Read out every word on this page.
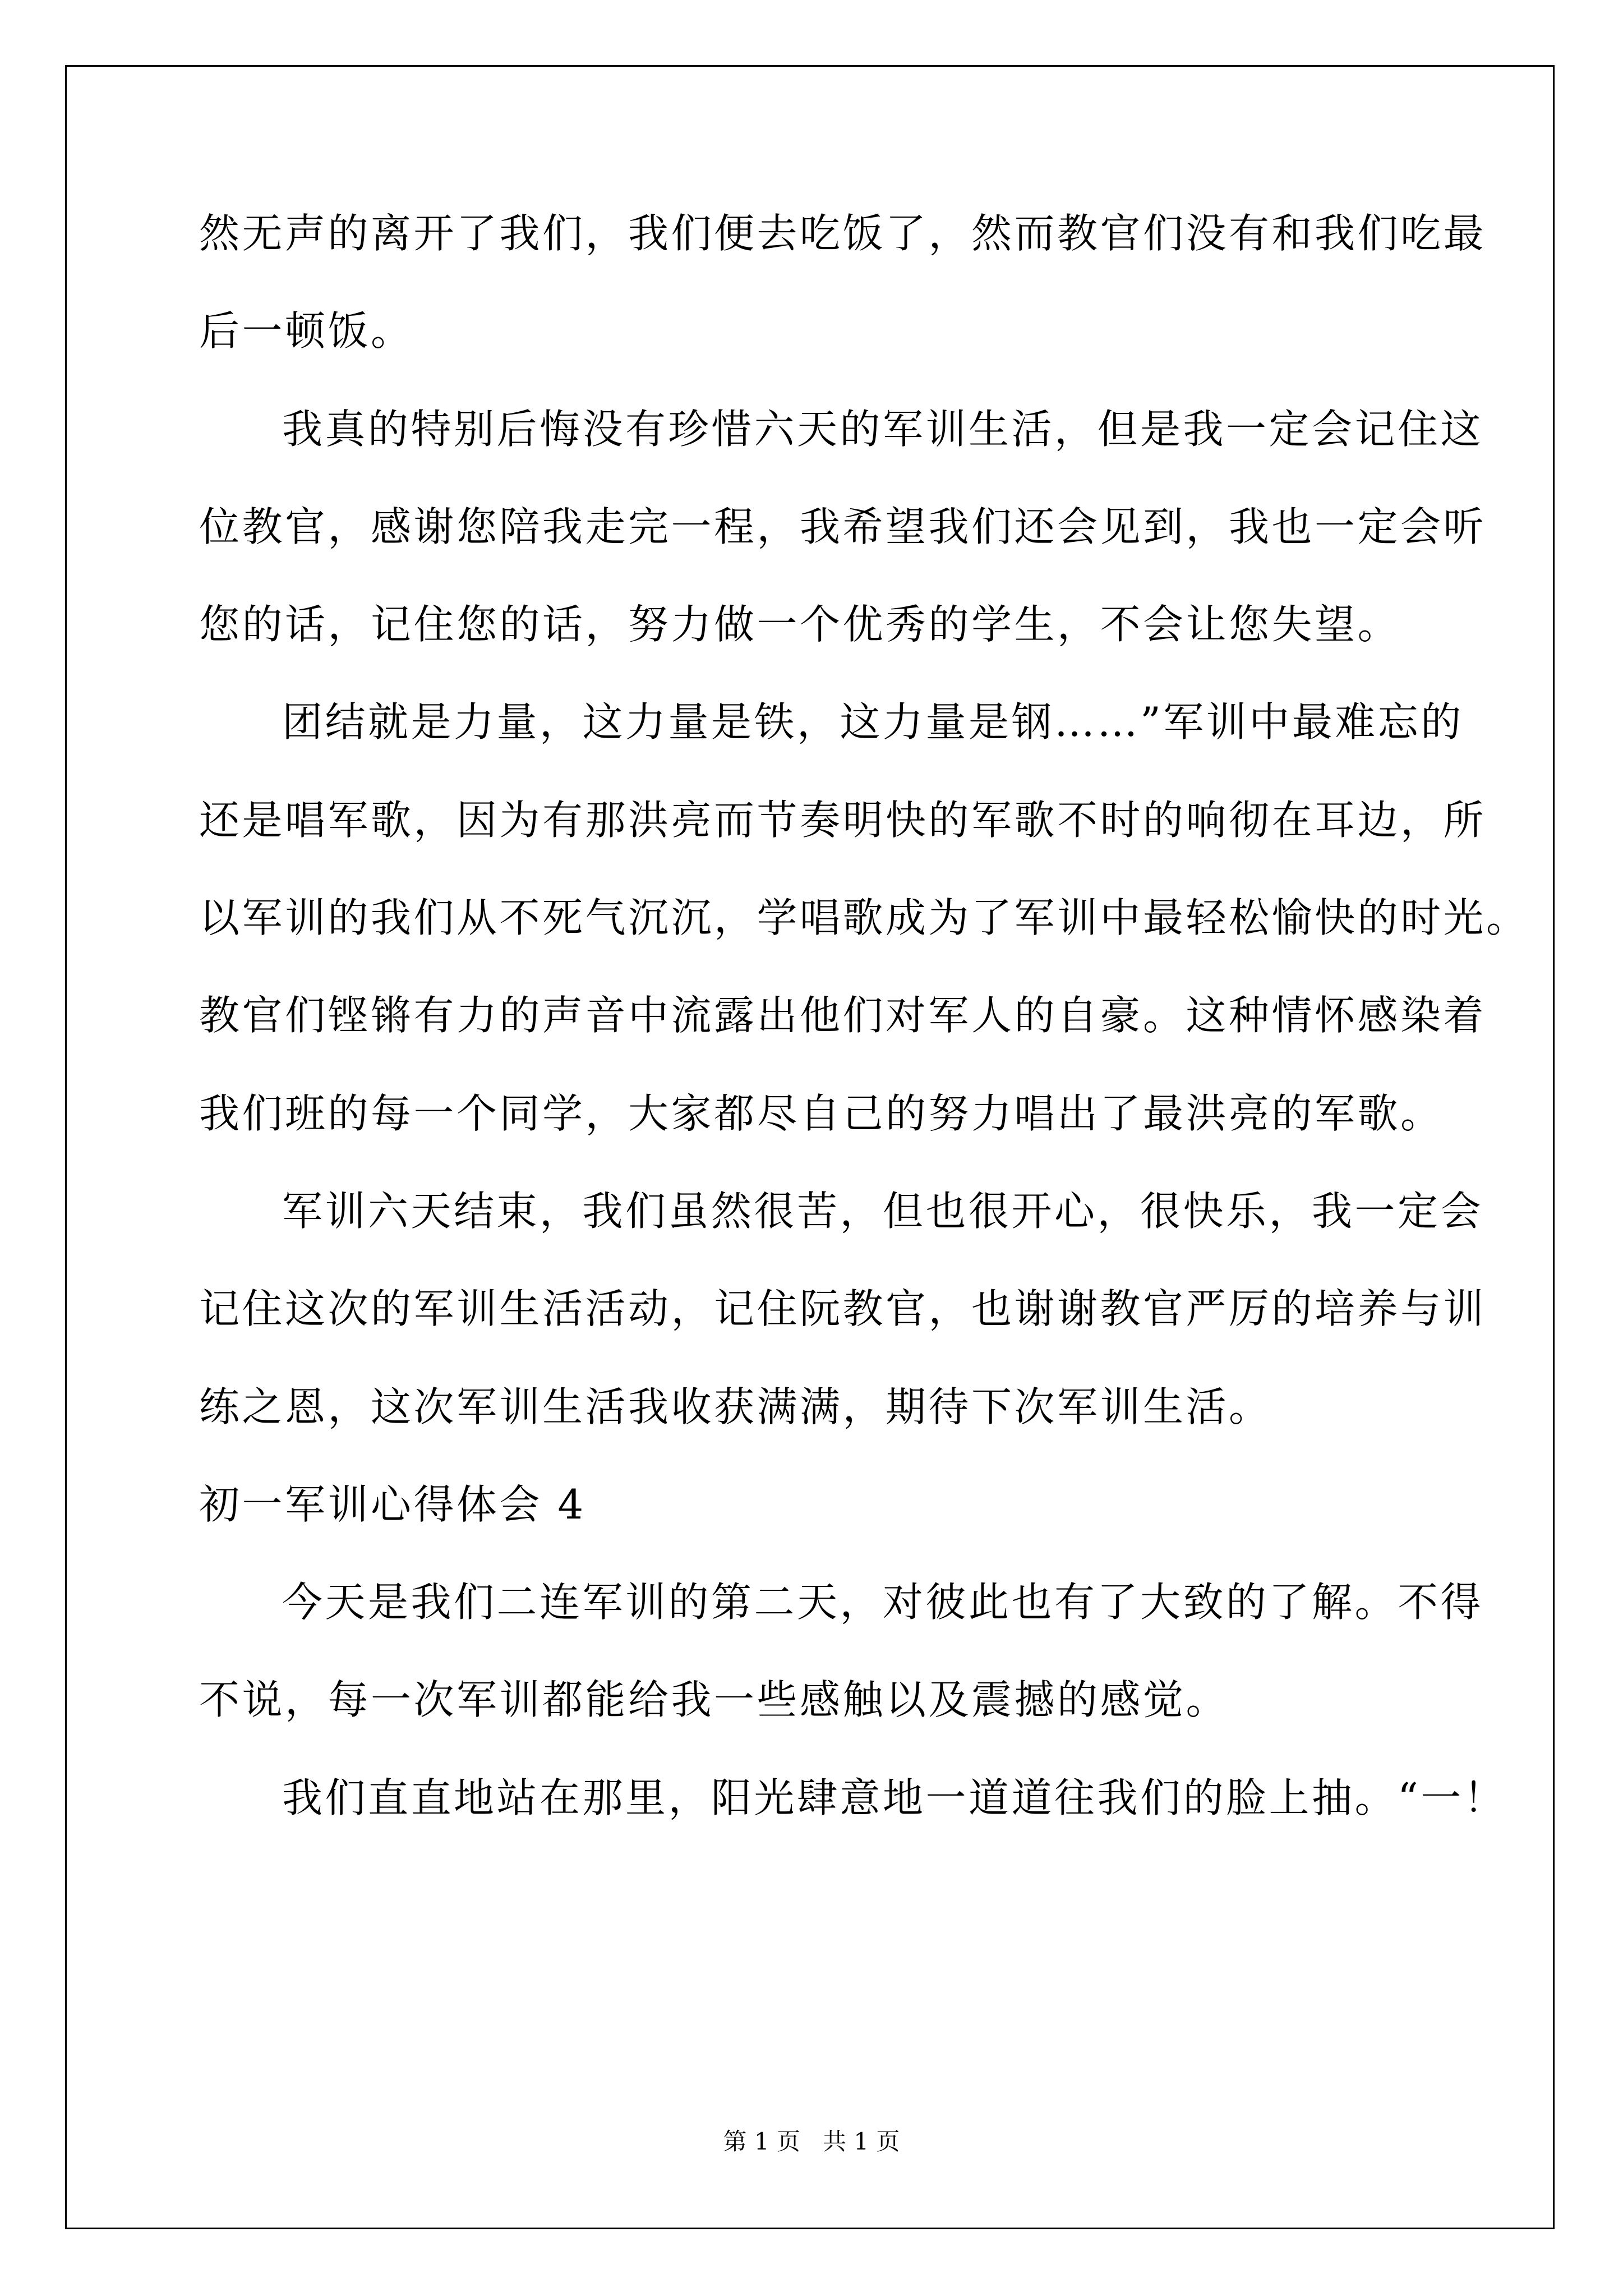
然无声的离开了我们，我们便去吃饭了，然而教官们没有和我们吃最
后一顿饭。
我真的特别后悔没有珍惜六天的军训生活，但是我一定会记住这
位教官，感谢您陪我走完一程，我希望我们还会见到，我也一定会听
您的话，记住您的话，努力做一个优秀的学生，不会让您失望。
团结就是力量，这力量是铁，这力量是钢……”军训中最难忘的
还是唱军歌，因为有那洪亮而节奏明快的军歌不时的响彻在耳边，所
以军训的我们从不死气沉沉，学唱歌成为了军训中最轻松愉快的时光。
教官们铿锵有力的声音中流露出他们对军人的自豪。这种情怀感染着
我们班的每一个同学，大家都尽自己的努力唱出了最洪亮的军歌。
军训六天结束，我们虽然很苦，但也很开心，很快乐，我一定会
记住这次的军训生活活动，记住阮教官，也谢谢教官严厉的培养与训
练之恩，这次军训生活我收获满满，期待下次军训生活。
初一军训心得体会 4
今天是我们二连军训的第二天，对彼此也有了大致的了解。不得
不说，每一次军训都能给我一些感触以及震撼的感觉。
我们直直地站在那里，阳光肆意地一道道往我们的脸上抽。“一！
第 1 页   共 1 页
